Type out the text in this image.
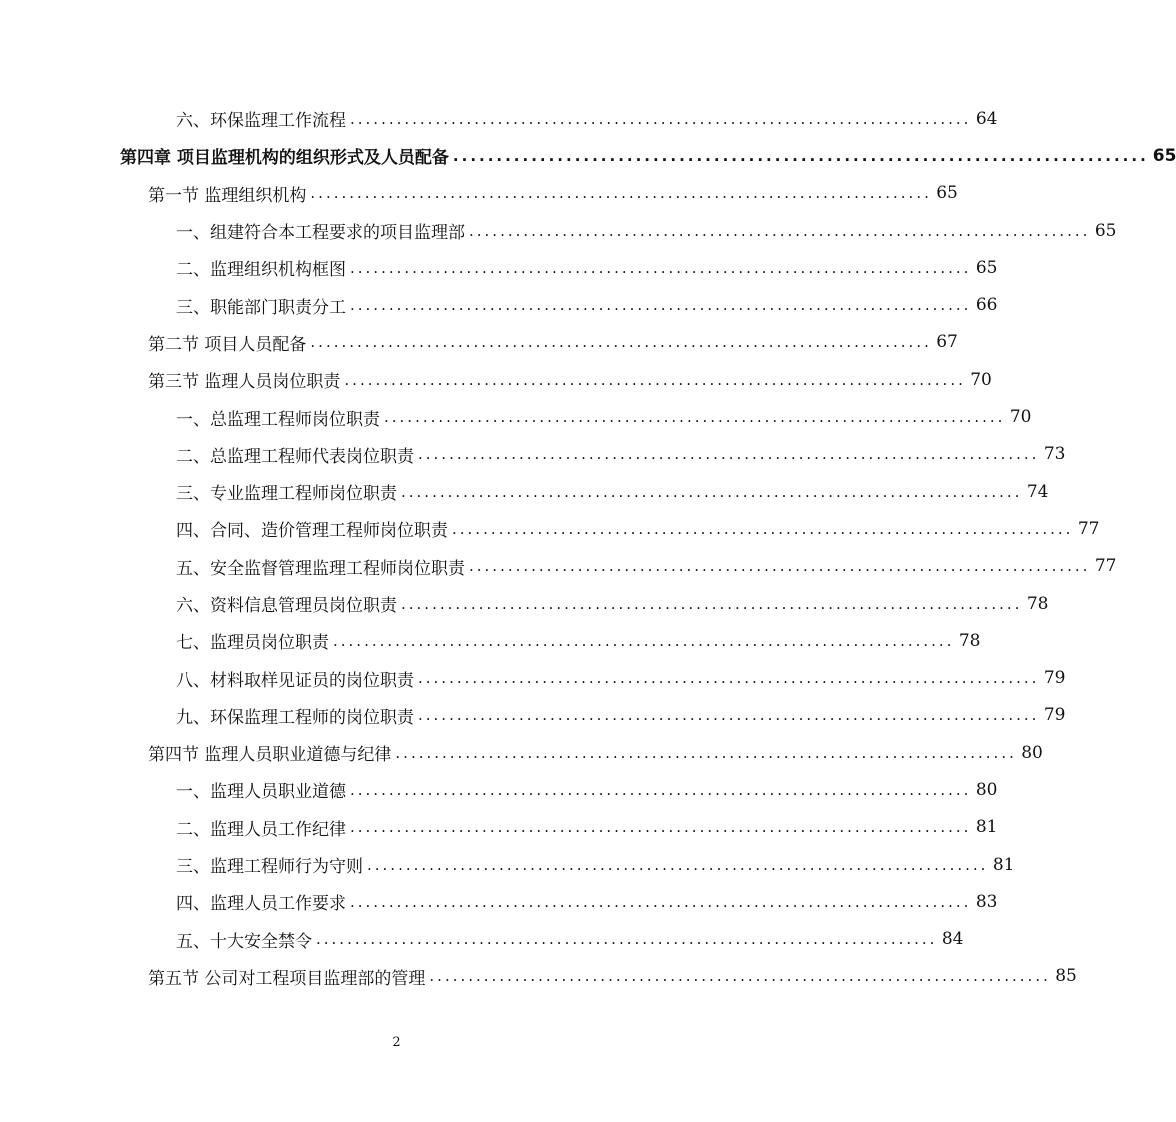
六、环保监理工作流程 ................................................................................ 64
第四章 项目监理机构的组织形式及人员配备 ................................................................................ 65
第一节 监理组织机构 ................................................................................ 65
一、组建符合本工程要求的项目监理部 ................................................................................ 65
二、监理组织机构框图 ................................................................................ 65
三、职能部门职责分工 ................................................................................ 66
第二节 项目人员配备 ................................................................................ 67
第三节 监理人员岗位职责 ................................................................................ 70
一、总监理工程师岗位职责 ................................................................................ 70
二、总监理工程师代表岗位职责 ................................................................................ 73
三、专业监理工程师岗位职责 ................................................................................ 74
四、合同、造价管理工程师岗位职责 ................................................................................ 77
五、安全监督管理监理工程师岗位职责 ................................................................................ 77
六、资料信息管理员岗位职责 ................................................................................ 78
七、监理员岗位职责 ................................................................................ 78
八、材料取样见证员的岗位职责 ................................................................................ 79
九、环保监理工程师的岗位职责 ................................................................................ 79
第四节 监理人员职业道德与纪律 ................................................................................ 80
一、监理人员职业道德 ................................................................................ 80
二、监理人员工作纪律 ................................................................................ 81
三、监理工程师行为守则 ................................................................................ 81
四、监理人员工作要求 ................................................................................ 83
五、十大安全禁令 ................................................................................ 84
第五节 公司对工程项目监理部的管理 ................................................................................ 85
2
